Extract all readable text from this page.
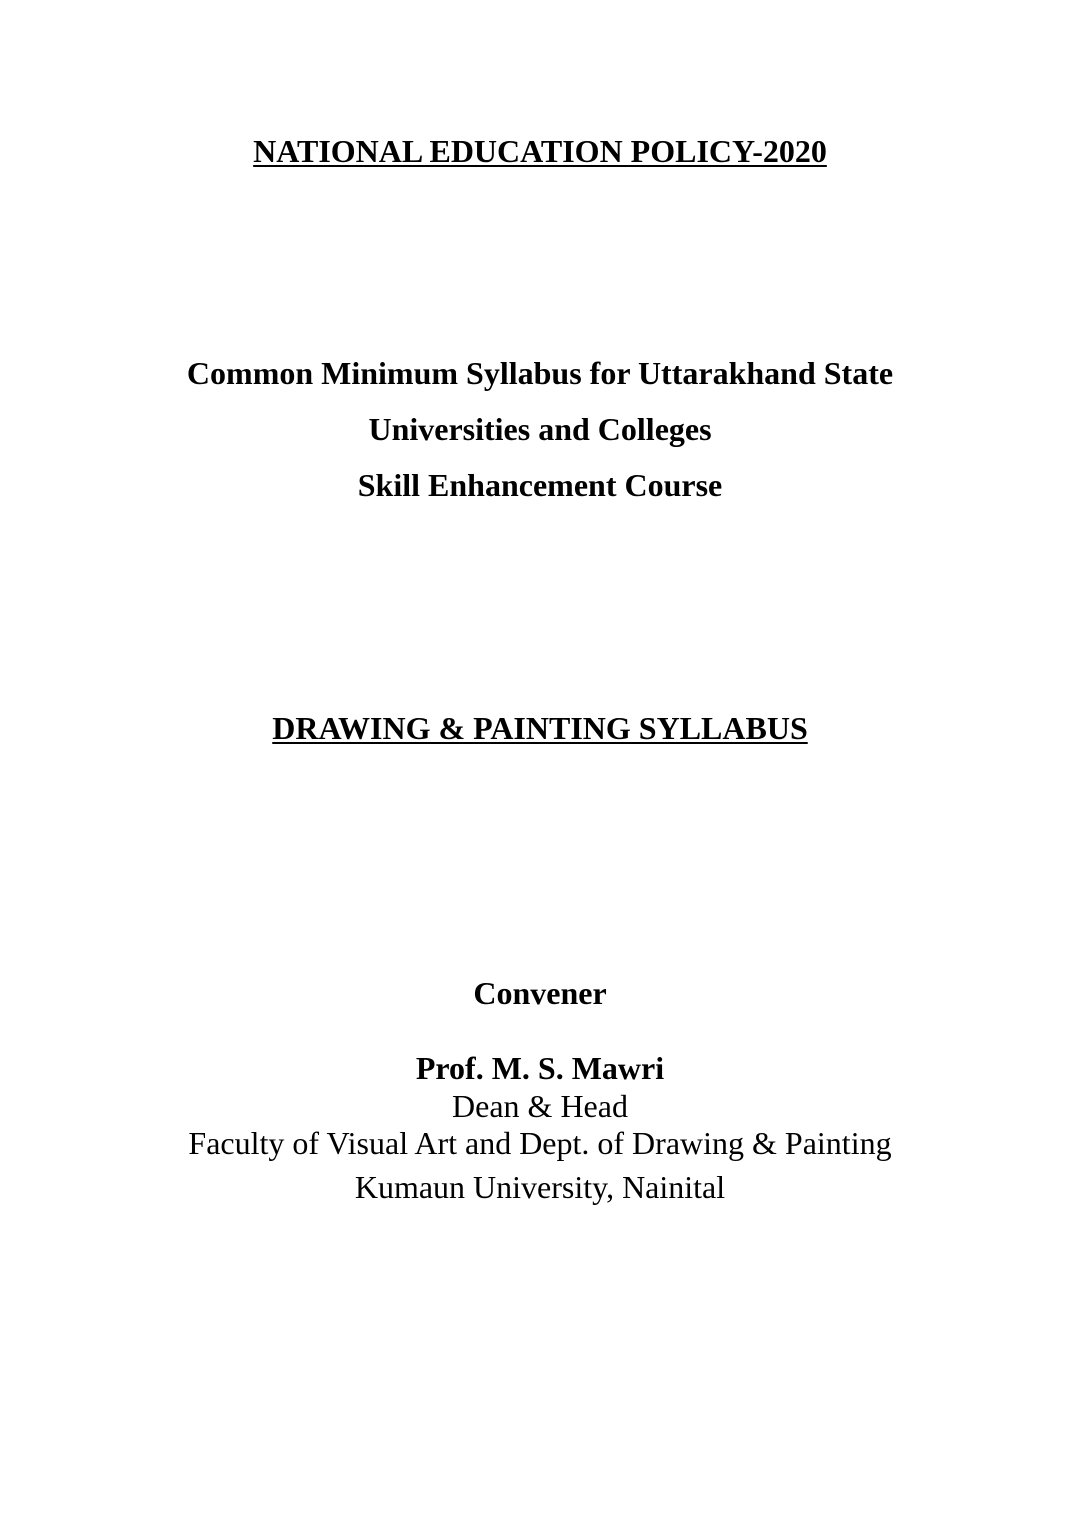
NATIONAL EDUCATION POLICY-2020

Common Minimum Syllabus for Uttarakhand State

Universities and Colleges

Skill Enhancement Course

DRAWING & PAINTING SYLLABUS

Convener

Prof. M. S. Mawri

Dean & Head

Faculty of Visual Art and Dept. of Drawing & Painting

Kumaun University, Nainital
